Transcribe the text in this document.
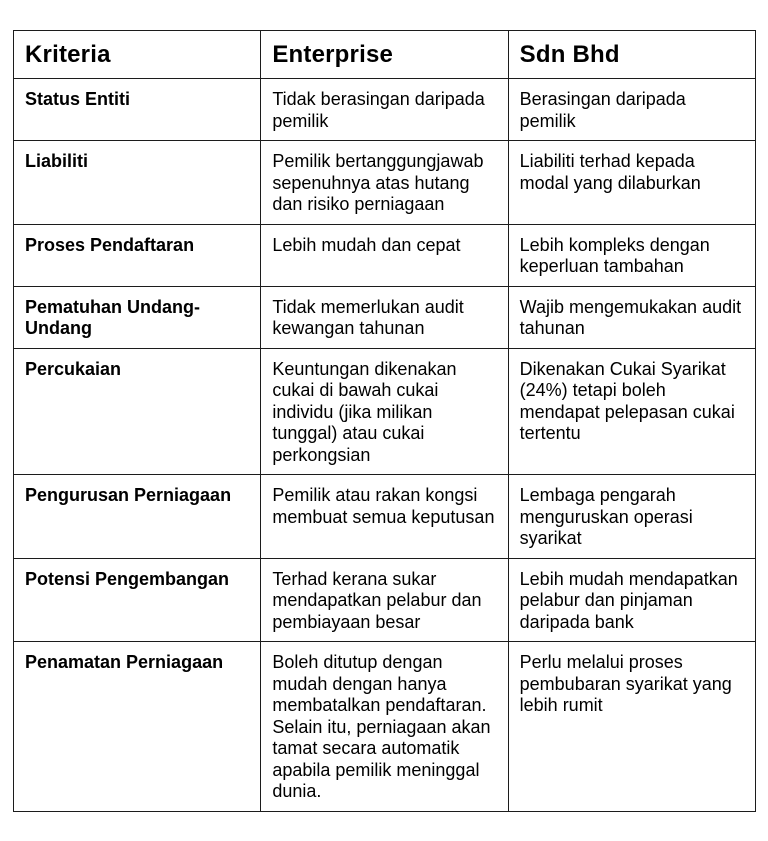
Kriteria	Enterprise	Sdn Bhd
Status Entiti	Tidak berasingan daripada pemilik	Berasingan daripada pemilik
Liabiliti	Pemilik bertanggungjawab sepenuhnya atas hutang dan risiko perniagaan	Liabiliti terhad kepada modal yang dilaburkan
Proses Pendaftaran	Lebih mudah dan cepat	Lebih kompleks dengan keperluan tambahan
Pematuhan Undang-Undang	Tidak memerlukan audit kewangan tahunan	Wajib mengemukakan audit tahunan
Percukaian	Keuntungan dikenakan cukai di bawah cukai individu (jika milikan tunggal) atau cukai perkongsian	Dikenakan Cukai Syarikat (24%) tetapi boleh mendapat pelepasan cukai tertentu
Pengurusan Perniagaan	Pemilik atau rakan kongsi membuat semua keputusan	Lembaga pengarah menguruskan operasi syarikat
Potensi Pengembangan	Terhad kerana sukar mendapatkan pelabur dan pembiayaan besar	Lebih mudah mendapatkan pelabur dan pinjaman daripada bank
Penamatan Perniagaan	Boleh ditutup dengan mudah dengan hanya membatalkan pendaftaran. Selain itu, perniagaan akan tamat secara automatik apabila pemilik meninggal dunia.	Perlu melalui proses pembubaran syarikat yang lebih rumit
